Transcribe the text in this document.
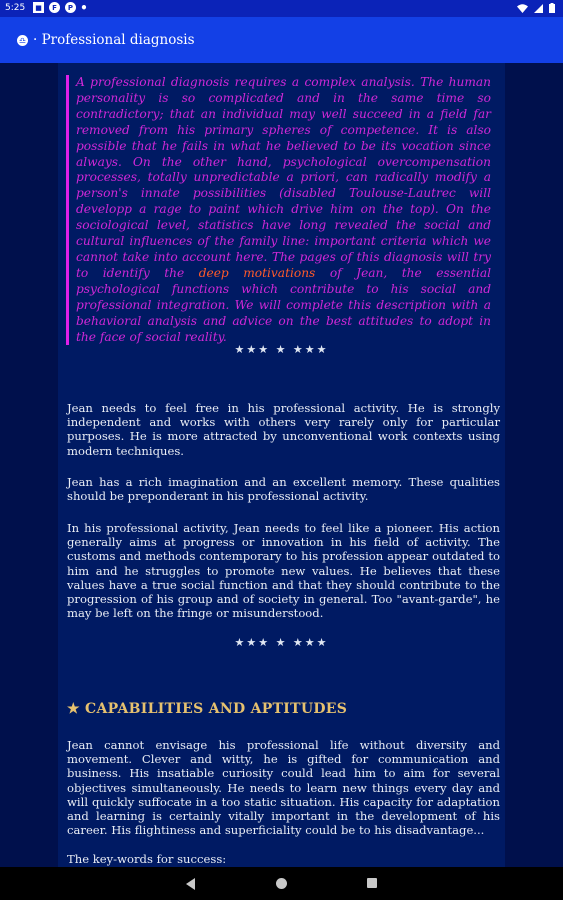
5:25	■	F	P •
♎ · Professional diagnosis
A professional diagnosis requires a complex analysis. The human personality is so complicated and in the same time so contradictory; that an individual may well succeed in a field far removed from his primary spheres of competence. It is also possible that he fails in what he believed to be its vocation since always. On the other hand, psychological overcompensation processes, totally unpredictable a priori, can radically modify a person's innate possibilities (disabled Toulouse-Lautrec will developp a rage to paint which drive him on the top). On the sociological level, statistics have long revealed the social and cultural influences of the family line: important criteria which we cannot take into account here. The pages of this diagnosis will try to identify the deep motivations of Jean, the essential psychological functions which contribute to his social and professional integration. We will complete this description with a behavioral analysis and advice on the best attitudes to adopt in the face of social reality.
★★★ ★ ★★★
Jean needs to feel free in his professional activity. He is strongly independent and works with others very rarely only for particular purposes. He is more attracted by unconventional work contexts using modern techniques.
Jean has a rich imagination and an excellent memory. These qualities should be preponderant in his professional activity.
In his professional activity, Jean needs to feel like a pioneer. His action generally aims at progress or innovation in his field of activity. The customs and methods contemporary to his profession appear outdated to him and he struggles to promote new values. He believes that these values have a true social function and that they should contribute to the progression of his group and of society in general. Too "avant-garde", he may be left on the fringe or misunderstood.
★★★ ★ ★★★
★ CAPABILITIES AND APTITUDES
Jean cannot envisage his professional life without diversity and movement. Clever and witty, he is gifted for communication and business. His insatiable curiosity could lead him to aim for several objectives simultaneously. He needs to learn new things every day and will quickly suffocate in a too static situation. His capacity for adaptation and learning is certainly vitally important in the development of his career. His flightiness and superficiality could be to his disadvantage...
The key-words for success:
